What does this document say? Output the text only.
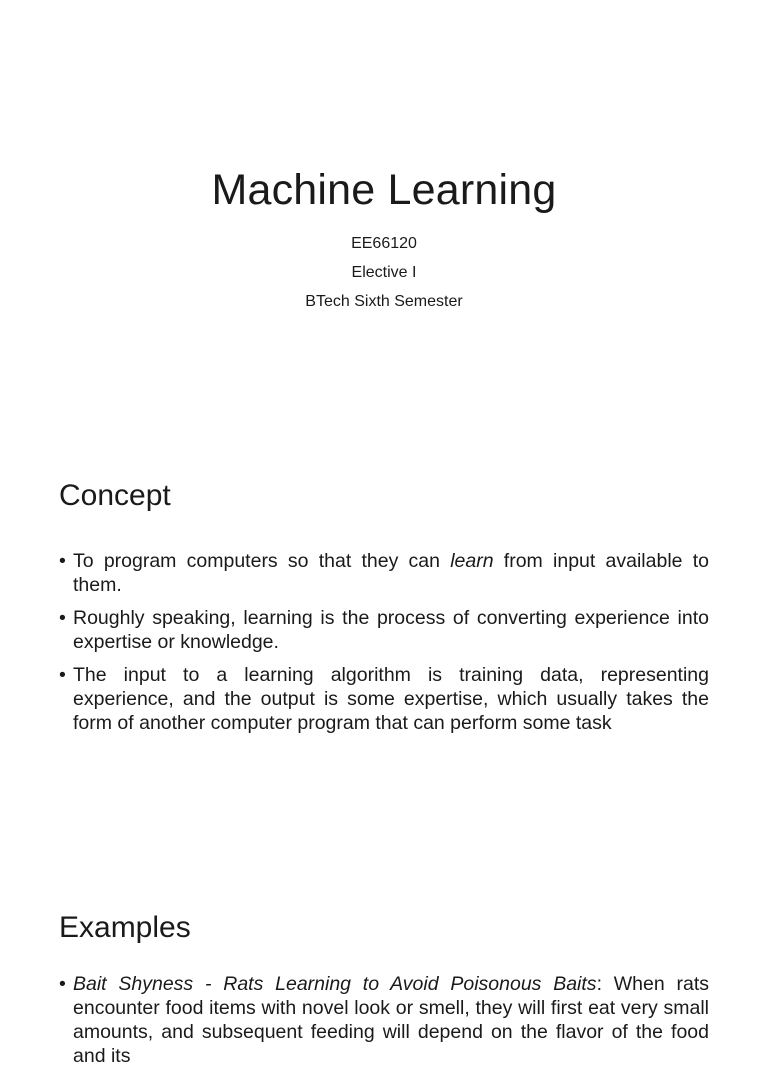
Machine Learning
EE66120
Elective I
BTech Sixth Semester
Concept
• To program computers so that they can learn from input available to them.
• Roughly speaking, learning is the process of converting experience into expertise or knowledge.
• The input to a learning algorithm is training data, representing experience, and the output is some expertise, which usually takes the form of another computer program that can perform some task
Examples
• Bait Shyness - Rats Learning to Avoid Poisonous Baits: When rats encounter food items with novel look or smell, they will first eat very small amounts, and subsequent feeding will depend on the flavor of the food and its
